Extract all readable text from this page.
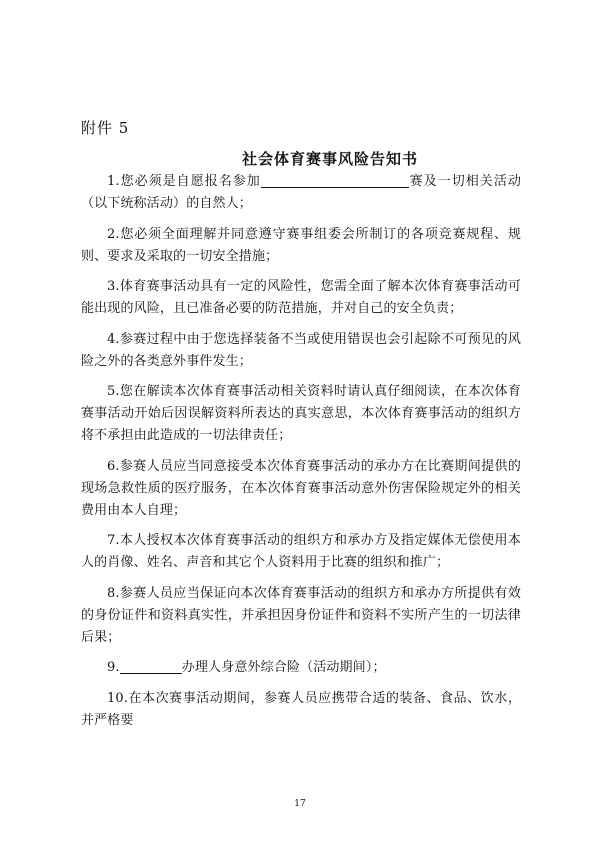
附件 5
社会体育赛事风险告知书

1.您必须是自愿报名参加	赛及一切相关活动（以下统称活动）的自然人；

2.您必须全面理解并同意遵守赛事组委会所制订的各项竞赛规程、规则、要求及采取的一切安全措施；

3.体育赛事活动具有一定的风险性，您需全面了解本次体育赛事活动可能出现的风险，且已准备必要的防范措施，并对自己的安全负责；

4.参赛过程中由于您选择装备不当或使用错误也会引起除不可预见的风险之外的各类意外事件发生；

5.您在解读本次体育赛事活动相关资料时请认真仔细阅读，在本次体育赛事活动开始后因误解资料所表达的真实意思，本次体育赛事活动的组织方将不承担由此造成的一切法律责任；

6.参赛人员应当同意接受本次体育赛事活动的承办方在比赛期间提供的现场急救性质的医疗服务，在本次体育赛事活动意外伤害保险规定外的相关费用由本人自理；

7.本人授权本次体育赛事活动的组织方和承办方及指定媒体无偿使用本人的肖像、姓名、声音和其它个人资料用于比赛的组织和推广；

8.参赛人员应当保证向本次体育赛事活动的组织方和承办方所提供有效的身份证件和资料真实性，并承担因身份证件和资料不实所产生的一切法律后果；

9.	办理人身意外综合险（活动期间）；

10.在本次赛事活动期间，参赛人员应携带合适的装备、食品、饮水，并严格要

17
